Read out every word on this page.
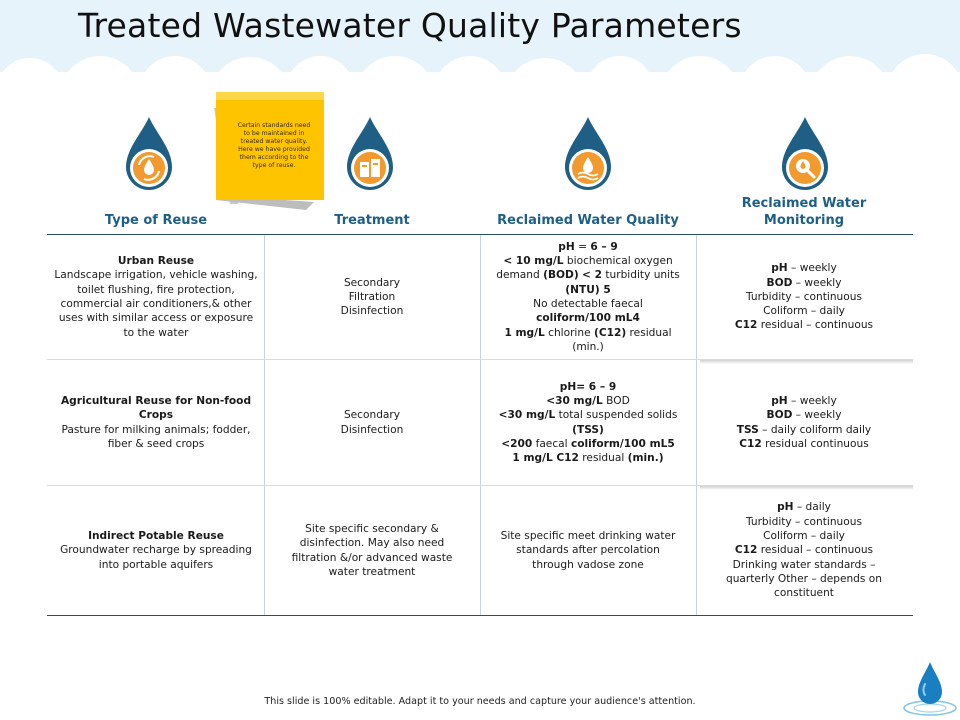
Treated Wastewater Quality Parameters
Certain standards need to be maintained in treated water quality. Here we have provided them according to the type of reuse.
Type of Reuse	Treatment	Reclaimed Water Quality
Reclaimed Water Monitoring
Urban Reuse
Landscape irrigation, vehicle washing, toilet flushing, fire protection, commercial air conditioners,& other uses with similar access or exposure to the water
Secondary
Filtration
Disinfection
pH = 6 – 9
< 10 mg/L biochemical oxygen
demand (BOD) < 2 turbidity units
(NTU) 5
No detectable faecal
coliform/100 mL4
1 mg/L chlorine (C12) residual
(min.)
pH – weekly
BOD – weekly
Turbidity – continuous
Coliform – daily
C12 residual – continuous
Agricultural Reuse for Non-food Crops
Pasture for milking animals; fodder, fiber & seed crops
Secondary
Disinfection
pH= 6 – 9
<30 mg/L BOD
<30 mg/L total suspended solids
(TSS)
<200 faecal coliform/100 mL5
1 mg/L C12 residual (min.)
pH – weekly
BOD – weekly
TSS – daily coliform daily
C12 residual continuous
Indirect Potable Reuse
Groundwater recharge by spreading into portable aquifers
Site specific secondary &
disinfection. May also need
filtration &/or advanced waste
water treatment
Site specific meet drinking water
standards after percolation
through vadose zone
pH – daily
Turbidity – continuous
Coliform – daily
C12 residual – continuous
Drinking water standards –
quarterly Other – depends on
constituent
This slide is 100% editable. Adapt it to your needs and capture your audience's attention.
